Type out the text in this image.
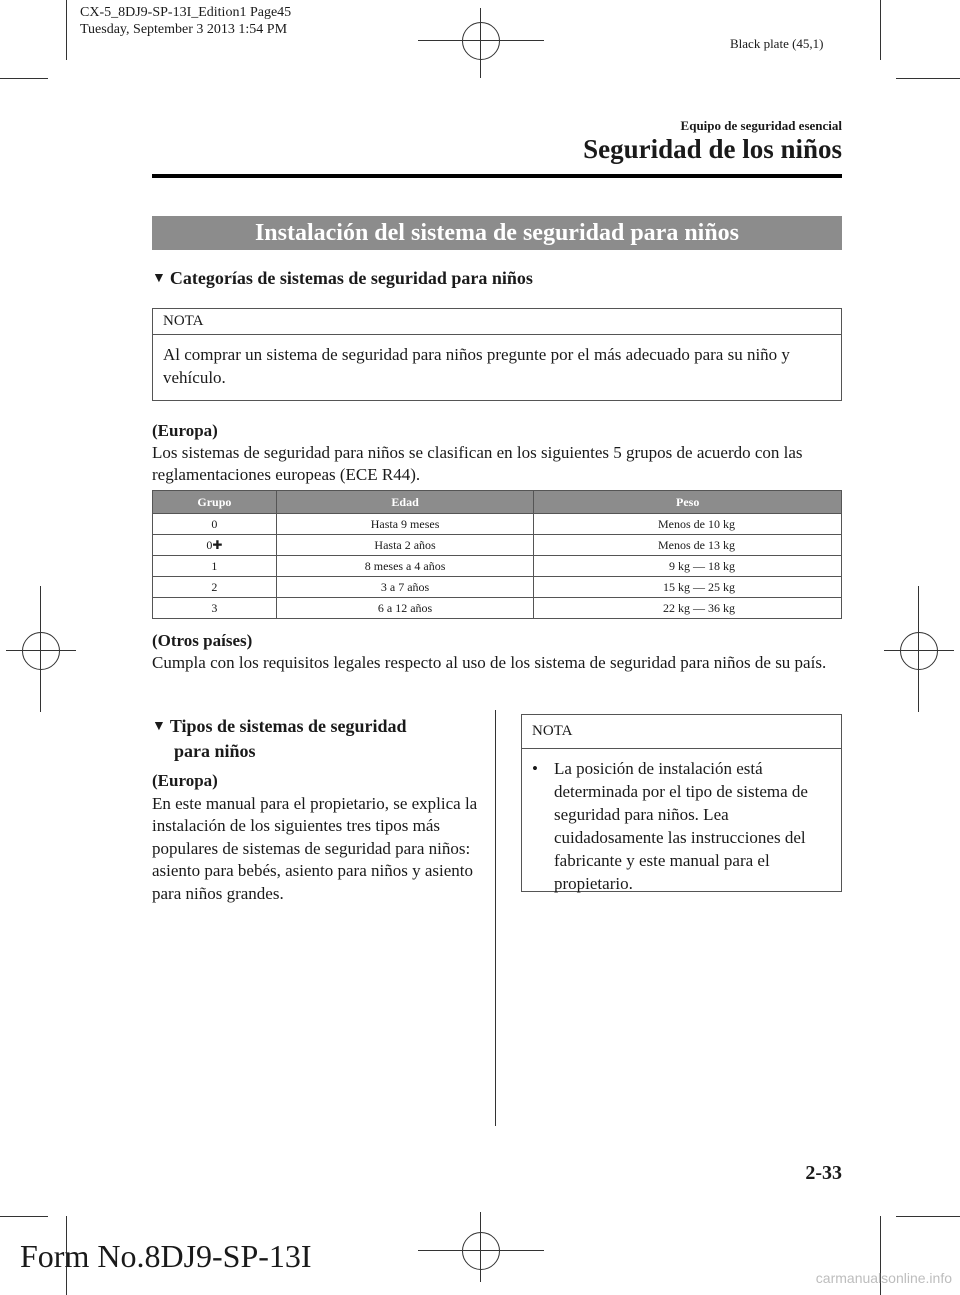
CX-5_8DJ9-SP-13I_Edition1 Page45
Tuesday, September 3 2013 1:54 PM
Black plate (45,1)
Equipo de seguridad esencial
Seguridad de los niños
Instalación del sistema de seguridad para niños
▼ Categorías de sistemas de seguridad para niños
NOTA
Al comprar un sistema de seguridad para niños pregunte por el más adecuado para su niño y vehículo.
(Europa)
Los sistemas de seguridad para niños se clasifican en los siguientes 5 grupos de acuerdo con las reglamentaciones europeas (ECE R44).
Grupo	Edad	Peso
0	Hasta 9 meses	Menos de 10 kg
0✚	Hasta 2 años	Menos de 13 kg
1	8 meses a 4 años	9 kg ― 18 kg
2	3 a 7 años	15 kg ― 25 kg
3	6 a 12 años	22 kg ― 36 kg
(Otros países)
Cumpla con los requisitos legales respecto al uso de los sistema de seguridad para niños de su país.
▼ Tipos de sistemas de seguridad
para niños
(Europa)
En este manual para el propietario, se explica la instalación de los siguientes tres tipos más populares de sistemas de seguridad para niños: asiento para bebés, asiento para niños y asiento para niños grandes.
NOTA
• La posición de instalación está determinada por el tipo de sistema de seguridad para niños. Lea cuidadosamente las instrucciones del fabricante y este manual para el propietario.
2-33
Form No.8DJ9-SP-13I
carmanualsonline.info
